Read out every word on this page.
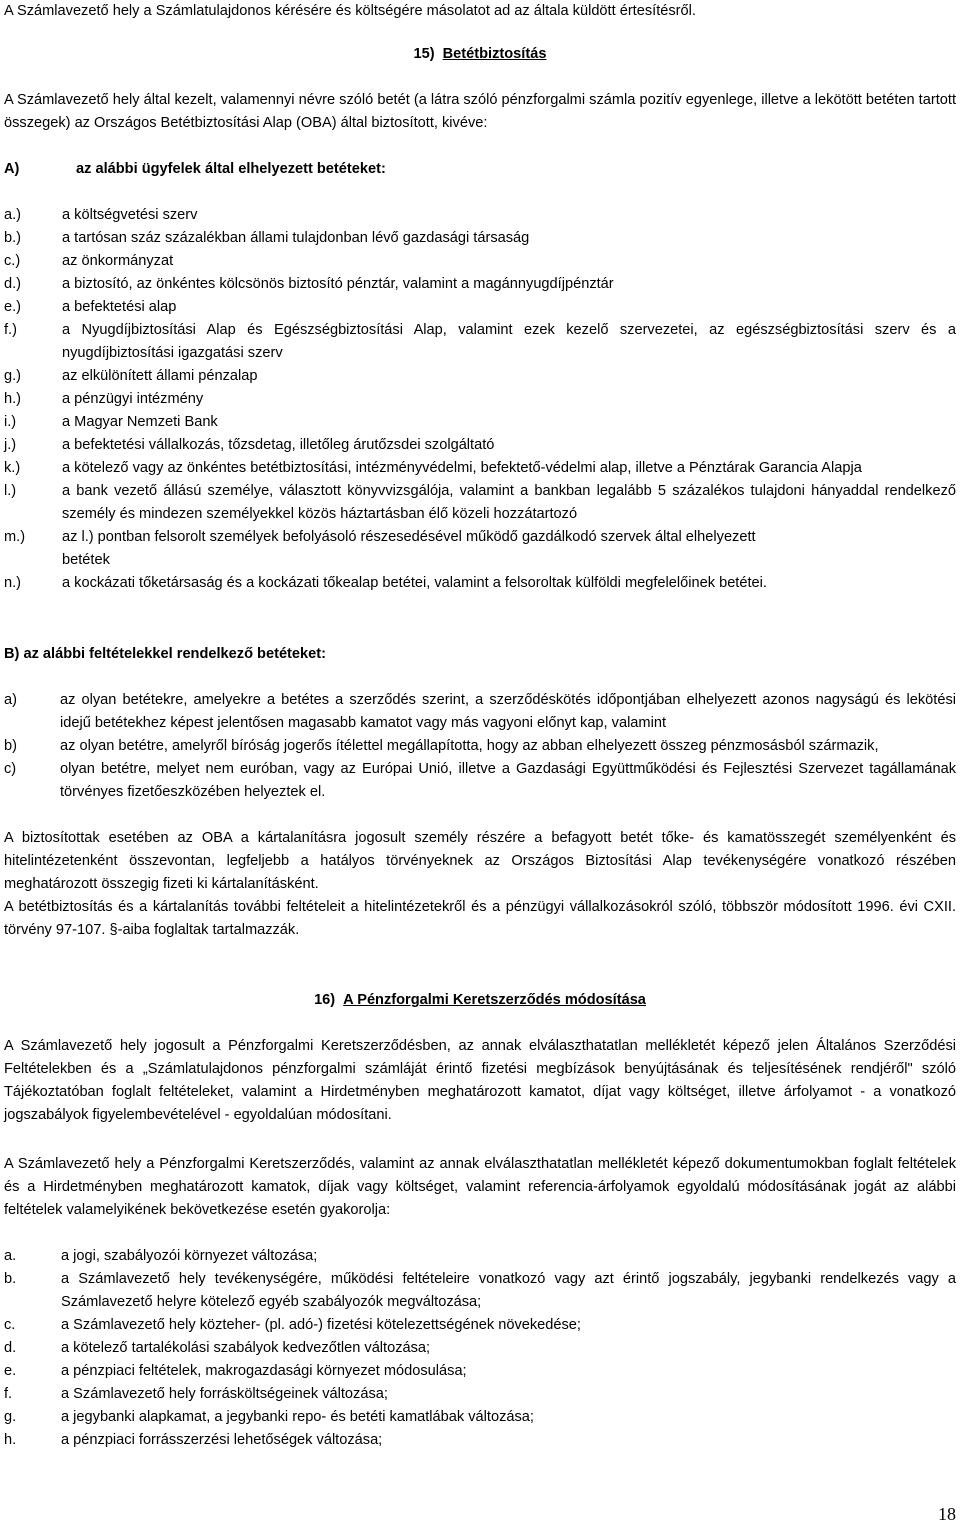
A Számlavezető hely a Számlatulajdonos kérésére és költségére másolatot ad az általa küldött értesítésről.

15) Betétbiztosítás

A Számlavezető hely által kezelt, valamennyi névre szóló betét (a látra szóló pénzforgalmi számla pozitív egyenlege, illetve a lekötött betéten tartott összegek) az Országos Betétbiztosítási Alap (OBA) által biztosított, kivéve:

A)	az alábbi ügyfelek által elhelyezett betéteket:
a.)	a költségvetési szerv
b.)	a tartósan száz százalékban állami tulajdonban lévő gazdasági társaság
c.)	az önkormányzat
d.)	a biztosító, az önkéntes kölcsönös biztosító pénztár, valamint a magánnyugdíjpénztár
e.)	a befektetési alap
f.)	a Nyugdíjbiztosítási Alap és Egészségbiztosítási Alap, valamint ezek kezelő szervezetei, az egészségbiztosítási szerv és a nyugdíjbiztosítási igazgatási szerv
g.)	az elkülönített állami pénzalap
h.)	a pénzügyi intézmény
i.)	a Magyar Nemzeti Bank
j.)	a befektetési vállalkozás, tőzsdetag, illetőleg árutőzsdei szolgáltató
k.)	a kötelező vagy az önkéntes betétbiztosítási, intézményvédelmi, befektető-védelmi alap, illetve a Pénztárak Garancia Alapja
l.)	a bank vezető állású személye, választott könyvvizsgálója, valamint a bankban legalább 5 százalékos tulajdoni hányaddal rendelkező személy és mindezen személyekkel közös háztartásban élő közeli hozzátartozó
m.)	az l.) pontban felsorolt személyek befolyásoló részesedésével működő gazdálkodó szervek által elhelyezett betétek
n.)	a kockázati tőketársaság és a kockázati tőkealap betétei, valamint a felsoroltak külföldi megfelelőinek betétei.

B) az alábbi feltételekkel rendelkező betéteket:

a)	az olyan betétekre, amelyekre a betétes a szerződés szerint, a szerződéskötés időpontjában elhelyezett azonos nagyságú és lekötési idejű betétekhez képest jelentősen magasabb kamatot vagy más vagyoni előnyt kap, valamint
b)	az olyan betétre, amelyről bíróság jogerős ítélettel megállapította, hogy az abban elhelyezett összeg pénzmosásból származik,
c)	olyan betétre, melyet nem euróban, vagy az Európai Unió, illetve a Gazdasági Együttműködési és Fejlesztési Szervezet tagállamának törvényes fizetőeszközében helyeztek el.

A biztosítottak esetében az OBA a kártalanításra jogosult személy részére a befagyott betét tőke- és kamatösszegét személyenként és hitelintézetenként összevontan, legfeljebb a hatályos törvényeknek az Országos Biztosítási Alap tevékenységére vonatkozó részében meghatározott összegig fizeti ki kártalanításként.

A betétbiztosítás és a kártalanítás további feltételeit a hitelintézetekről és a pénzügyi vállalkozásokról szóló, többször módosított 1996. évi CXII. törvény 97-107. §-aiba foglaltak tartalmazzák.

16) A Pénzforgalmi Keretszerződés módosítása

A Számlavezető hely jogosult a Pénzforgalmi Keretszerződésben, az annak elválaszthatatlan mellékletét képező jelen Általános Szerződési Feltételekben és a „Számlatulajdonos pénzforgalmi számláját érintő fizetési megbízások benyújtásának és teljesítésének rendjéről" szóló Tájékoztatóban foglalt feltételeket, valamint a Hirdetményben meghatározott kamatot, díjat vagy költséget, illetve árfolyamot - a vonatkozó jogszabályok figyelembevételével - egyoldalúan módosítani.

A Számlavezető hely a Pénzforgalmi Keretszerződés, valamint az annak elválaszthatatlan mellékletét képező dokumentumokban foglalt feltételek és a Hirdetményben meghatározott kamatok, díjak vagy költséget, valamint referencia-árfolyamok egyoldalú módosításának jogát az alábbi feltételek valamelyikének bekövetkezése esetén gyakorolja:

a.	a jogi, szabályozói környezet változása;
b.	a Számlavezető hely tevékenységére, működési feltételeire vonatkozó vagy azt érintő jogszabály, jegybanki rendelkezés vagy a Számlavezető helyre kötelező egyéb szabályozók megváltozása;
c.	a Számlavezető hely közteher- (pl. adó-) fizetési kötelezettségének növekedése;
d.	a kötelező tartalékolási szabályok kedvezőtlen változása;
e.	a pénzpiaci feltételek, makrogazdasági környezet módosulása;
f.	a Számlavezető hely forrásköltségeinek változása;
g.	a jegybanki alapkamat, a jegybanki repo- és betéti kamatlábak változása;
h.	a pénzpiaci forrásszerzési lehetőségek változása;
18
